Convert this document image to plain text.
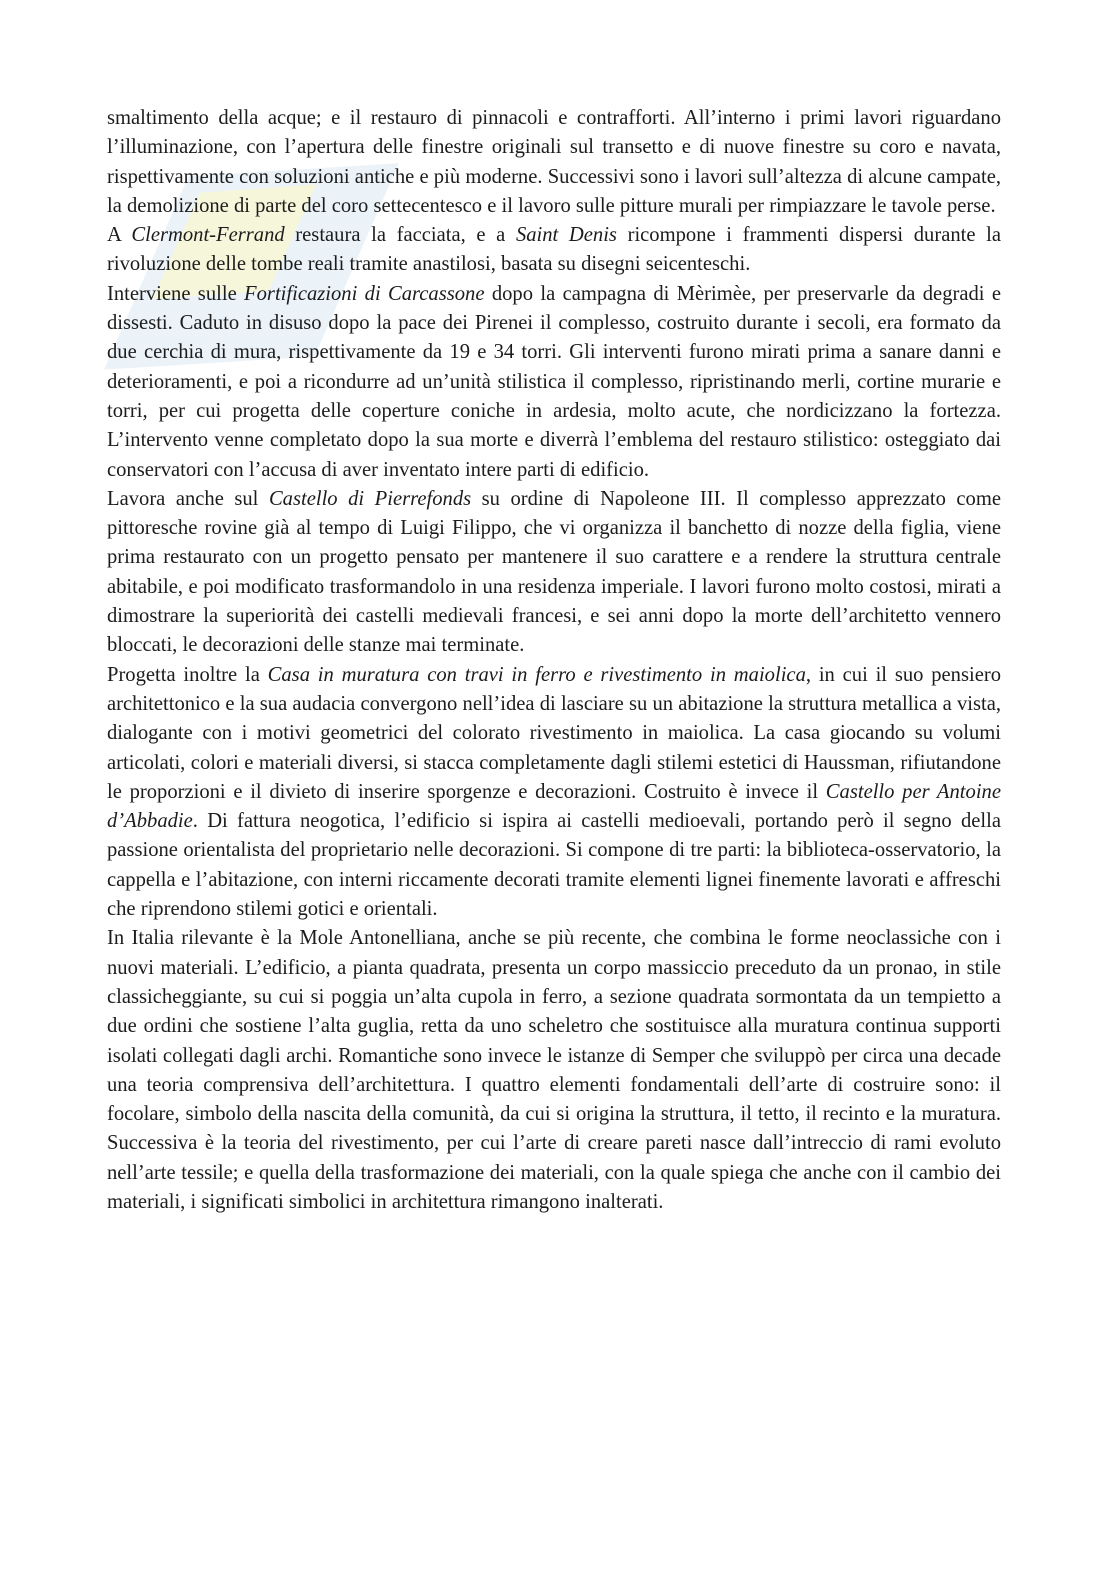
smaltimento della acque; e il restauro di pinnacoli e contrafforti. All’interno i primi lavori riguardano l’illuminazione, con l’apertura delle finestre originali sul transetto e di nuove finestre su coro e navata, rispettivamente con soluzioni antiche e più moderne. Successivi sono i lavori sull’altezza di alcune campate, la demolizione di parte del coro settecentesco e il lavoro sulle pitture murali per rimpiazzare le tavole perse.

A Clermont-Ferrand restaura la facciata, e a Saint Denis ricompone i frammenti dispersi durante la rivoluzione delle tombe reali tramite anastilosi, basata su disegni seicenteschi.

Interviene sulle Fortificazioni di Carcassone dopo la campagna di Mèrimèe, per preservarle da degradi e dissesti. Caduto in disuso dopo la pace dei Pirenei il complesso, costruito durante i secoli, era formato da due cerchia di mura, rispettivamente da 19 e 34 torri. Gli interventi furono mirati prima a sanare danni e deterioramenti, e poi a ricondurre ad un’unità stilistica il complesso, ripristinando merli, cortine murarie e torri, per cui progetta delle coperture coniche in ardesia, molto acute, che nordicizzano la fortezza. L’intervento venne completato dopo la sua morte e diverrà l’emblema del restauro stilistico: osteggiato dai conservatori con l’accusa di aver inventato intere parti di edificio.

Lavora anche sul Castello di Pierrefonds su ordine di Napoleone III. Il complesso apprezzato come pittoresche rovine già al tempo di Luigi Filippo, che vi organizza il banchetto di nozze della figlia, viene prima restaurato con un progetto pensato per mantenere il suo carattere e a rendere la struttura centrale abitabile, e poi modificato trasformandolo in una residenza imperiale. I lavori furono molto costosi, mirati a dimostrare la superiorità dei castelli medievali francesi, e sei anni dopo la morte dell’architetto vennero bloccati, le decorazioni delle stanze mai terminate.

Progetta inoltre la Casa in muratura con travi in ferro e rivestimento in maiolica, in cui il suo pensiero architettonico e la sua audacia convergono nell’idea di lasciare su un abitazione la struttura metallica a vista, dialogante con i motivi geometrici del colorato rivestimento in maiolica. La casa giocando su volumi articolati, colori e materiali diversi, si stacca completamente dagli stilemi estetici di Haussman, rifiutandone le proporzioni e il divieto di inserire sporgenze e decorazioni. Costruito è invece il Castello per Antoine d’Abbadie. Di fattura neogotica, l’edificio si ispira ai castelli medioevali, portando però il segno della passione orientalista del proprietario nelle decorazioni. Si compone di tre parti: la biblioteca-osservatorio, la cappella e l’abitazione, con interni riccamente decorati tramite elementi lignei finemente lavorati e affreschi che riprendono stilemi gotici e orientali.

In Italia rilevante è la Mole Antonelliana, anche se più recente, che combina le forme neoclassiche con i nuovi materiali. L’edificio, a pianta quadrata, presenta un corpo massiccio preceduto da un pronao, in stile classicheggiante, su cui si poggia un’alta cupola in ferro, a sezione quadrata sormontata da un tempietto a due ordini che sostiene l’alta guglia, retta da uno scheletro che sostituisce alla muratura continua supporti isolati collegati dagli archi. Romantiche sono invece le istanze di Semper che sviluppò per circa una decade una teoria comprensiva dell’architettura. I quattro elementi fondamentali dell’arte di costruire sono: il focolare, simbolo della nascita della comunità, da cui si origina la struttura, il tetto, il recinto e la muratura. Successiva è la teoria del rivestimento, per cui l’arte di creare pareti nasce dall’intreccio di rami evoluto nell’arte tessile; e quella della trasformazione dei materiali, con la quale spiega che anche con il cambio dei materiali, i significati simbolici in architettura rimangono inalterati.
